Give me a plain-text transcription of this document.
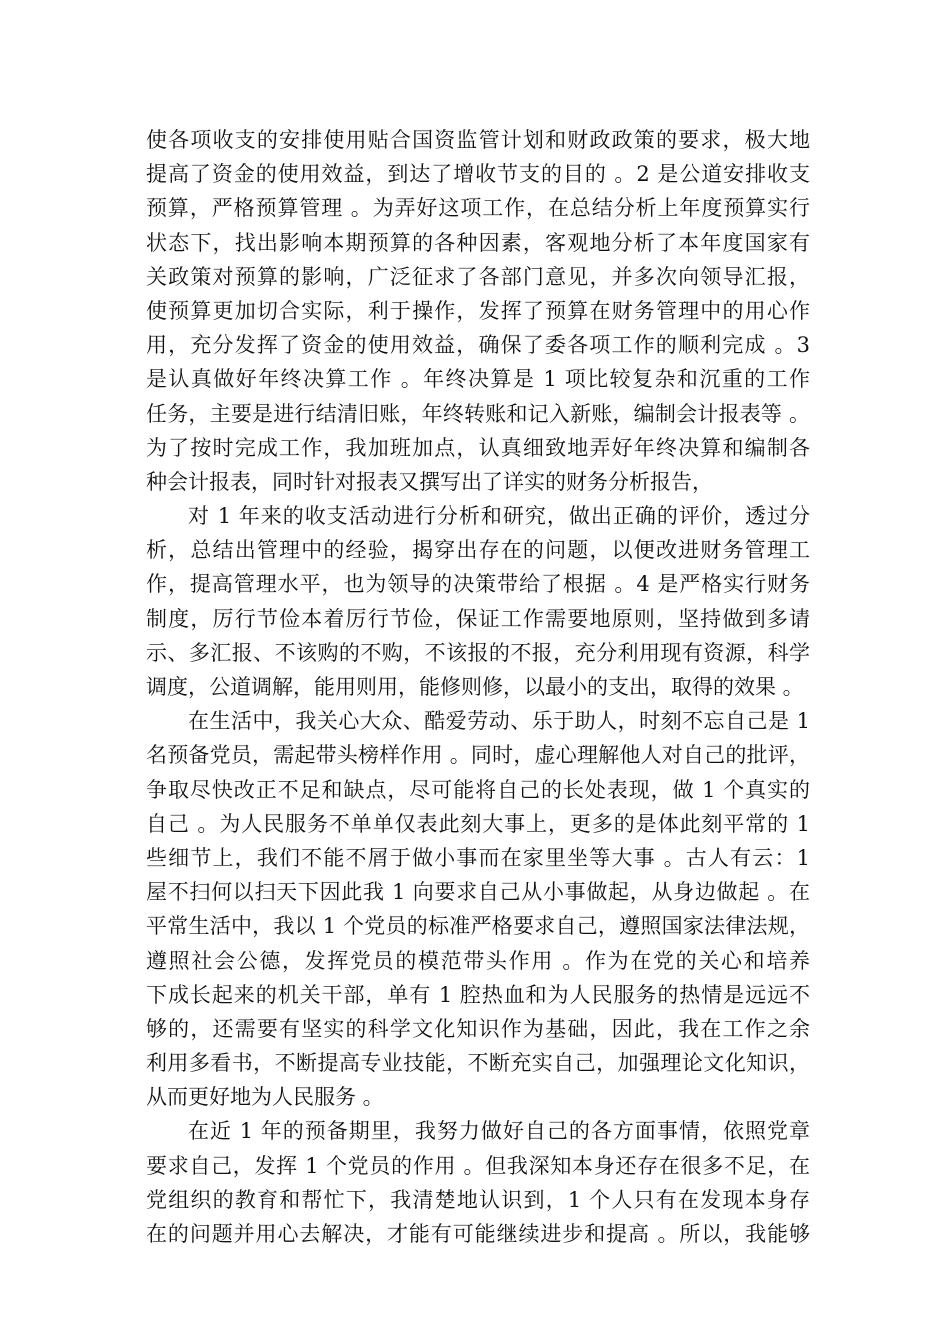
使各项收支的安排使用贴合国资监管计划和财政政策的要求，极大地
提高了资金的使用效益，到达了增收节支的目的 。2 是公道安排收支
预算，严格预算管理 。为弄好这项工作，在总结分析上年度预算实行
状态下，找出影响本期预算的各种因素，客观地分析了本年度国家有
关政策对预算的影响，广泛征求了各部门意见，并多次向领导汇报，
使预算更加切合实际，利于操作，发挥了预算在财务管理中的用心作
用，充分发挥了资金的使用效益，确保了委各项工作的顺利完成 。3
是认真做好年终决算工作 。年终决算是 1 项比较复杂和沉重的工作
任务，主要是进行结清旧账，年终转账和记入新账，编制会计报表等 。
为了按时完成工作，我加班加点，认真细致地弄好年终决算和编制各
种会计报表，同时针对报表又撰写出了详实的财务分析报告，
对 1 年来的收支活动进行分析和研究，做出正确的评价，透过分
析，总结出管理中的经验，揭穿出存在的问题，以便改进财务管理工
作，提高管理水平，也为领导的决策带给了根据 。4 是严格实行财务
制度，厉行节俭本着厉行节俭，保证工作需要地原则，坚持做到多请
示、多汇报、不该购的不购，不该报的不报，充分利用现有资源，科学
调度，公道调解，能用则用，能修则修，以最小的支出，取得的效果 。
在生活中，我关心大众、酷爱劳动、乐于助人，时刻不忘自己是 1
名预备党员，需起带头榜样作用 。同时，虚心理解他人对自己的批评，
争取尽快改正不足和缺点，尽可能将自己的长处表现，做 1 个真实的
自己 。为人民服务不单单仅表此刻大事上，更多的是体此刻平常的 1
些细节上，我们不能不屑于做小事而在家里坐等大事 。古人有云：1
屋不扫何以扫天下因此我 1 向要求自己从小事做起，从身边做起 。在
平常生活中，我以 1 个党员的标准严格要求自己，遵照国家法律法规，
遵照社会公德，发挥党员的模范带头作用 。作为在党的关心和培养
下成长起来的机关干部，单有 1 腔热血和为人民服务的热情是远远不
够的，还需要有坚实的科学文化知识作为基础，因此，我在工作之余
利用多看书，不断提高专业技能，不断充实自己，加强理论文化知识，
从而更好地为人民服务 。
在近 1 年的预备期里，我努力做好自己的各方面事情，依照党章
要求自己，发挥 1 个党员的作用 。但我深知本身还存在很多不足，在
党组织的教育和帮忙下，我清楚地认识到，1 个人只有在发现本身存
在的问题并用心去解决，才能有可能继续进步和提高 。所以，我能够
